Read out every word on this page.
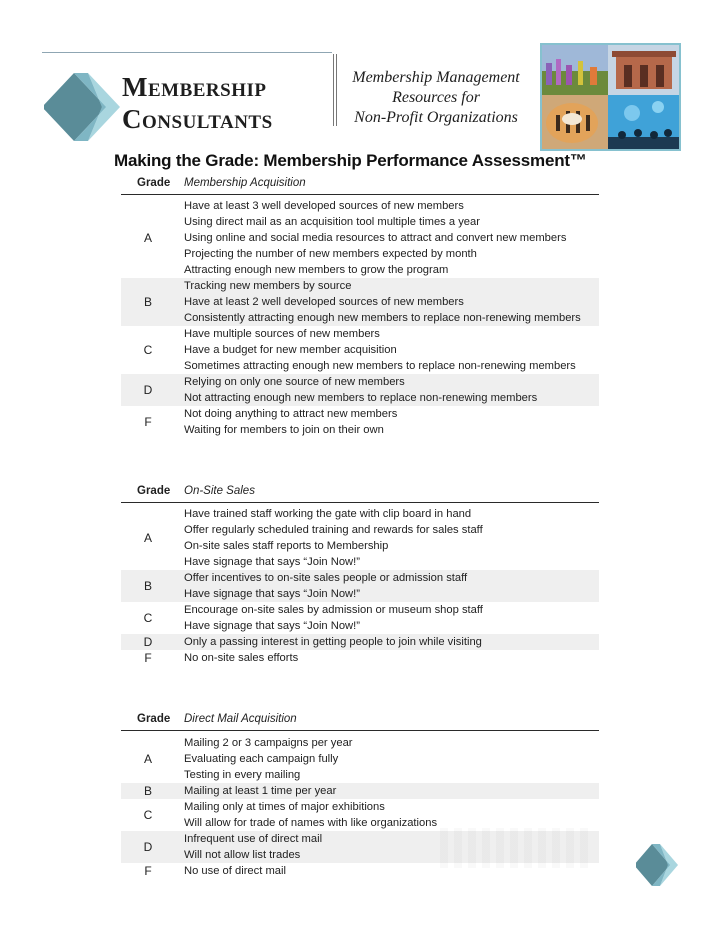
Membership
Consultants
Membership Management
Resources for
Non-Profit Organizations
Making the Grade: Membership Performance Assessment™
Grade Membership Acquisition
A
Have at least 3 well developed sources of new members
Using direct mail as an acquisition tool multiple times a year
Using online and social media resources to attract and convert new members
Projecting the number of new members expected by month
Attracting enough new members to grow the program
B
Tracking new members by source
Have at least 2 well developed sources of new members
Consistently attracting enough new members to replace non-renewing members
C
Have multiple sources of new members
Have a budget for new member acquisition
Sometimes attracting enough new members to replace non-renewing members
D
Relying on only one source of new members
Not attracting enough new members to replace non-renewing members
F
Not doing anything to attract new members
Waiting for members to join on their own
Grade On-Site Sales
A
Have trained staff working the gate with clip board in hand
Offer regularly scheduled training and rewards for sales staff
On-site sales staff reports to Membership
Have signage that says “Join Now!”
B
Offer incentives to on-site sales people or admission staff
Have signage that says “Join Now!”
C
Encourage on-site sales by admission or museum shop staff
Have signage that says “Join Now!”
D	Only a passing interest in getting people to join while visiting
F	No on-site sales efforts
Grade Direct Mail Acquisition
A
Mailing 2 or 3 campaigns per year
Evaluating each campaign fully
Testing in every mailing
B	Mailing at least 1 time per year
C
Mailing only at times of major exhibitions
Will allow for trade of names with like organizations
D
Infrequent use of direct mail
Will not allow list trades
F	No use of direct mail
